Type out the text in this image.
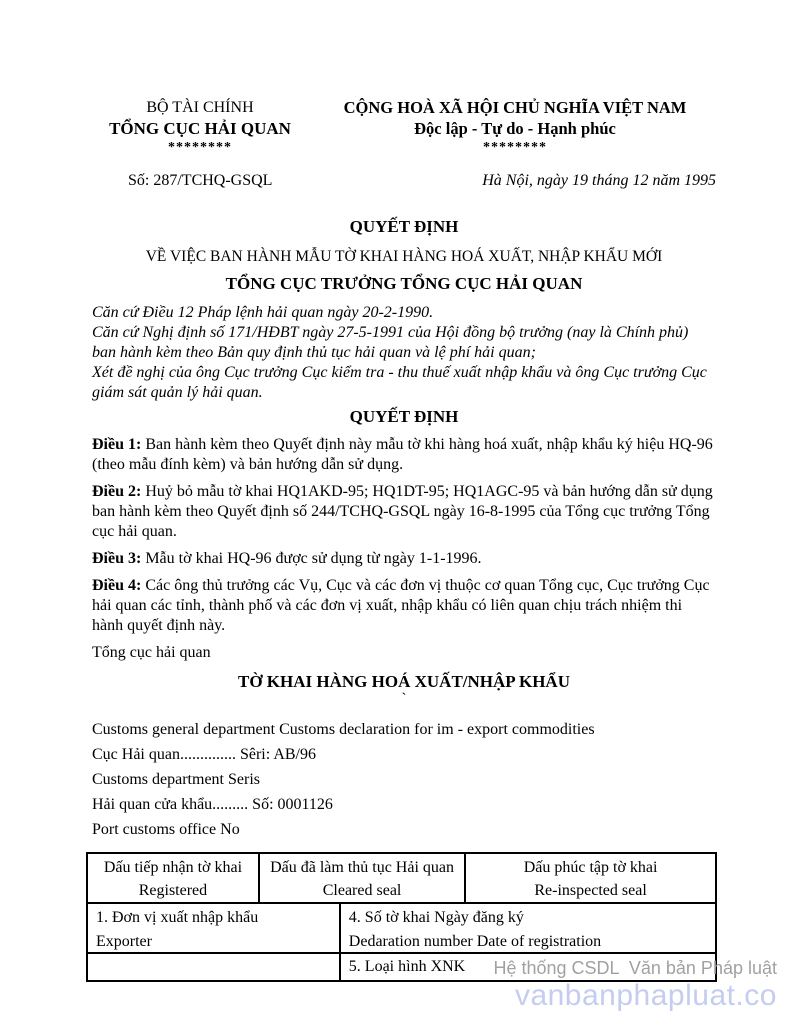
BỘ TÀI CHÍNH
TỔNG CỤC HẢI QUAN
********
CỘNG HOÀ XÃ HỘI CHỦ NGHĨA VIỆT NAM
Độc lập - Tự do - Hạnh phúc
********
Số: 287/TCHQ-GSQL	Hà Nội, ngày 19 tháng 12 năm 1995
QUYẾT ĐỊNH
VỀ VIỆC BAN HÀNH MẪU TỜ KHAI HÀNG HOÁ XUẤT, NHẬP KHẨU MỚI
TỔNG CỤC TRƯỞNG TỔNG CỤC HẢI QUAN

Căn cứ Điều 12 Pháp lệnh hải quan ngày 20-2-1990.

Căn cứ Nghị định số 171/HĐBT ngày 27-5-1991 của Hội đồng bộ trưởng (nay là Chính phủ) ban hành kèm theo Bản quy định thủ tục hải quan và lệ phí hải quan;

Xét đề nghị của ông Cục trưởng Cục kiểm tra - thu thuế xuất nhập khẩu và ông Cục trưởng Cục giám sát quản lý hải quan.

QUYẾT ĐỊNH

Điều 1: Ban hành kèm theo Quyết định này mẫu tờ khi hàng hoá xuất, nhập khẩu ký hiệu HQ-96 (theo mẫu đính kèm) và bản hướng dẫn sử dụng.

Điều 2: Huỷ bỏ mẫu tờ khai HQ1AKD-95; HQ1DT-95; HQ1AGC-95 và bản hướng dẫn sử dụng ban hành kèm theo Quyết định số 244/TCHQ-GSQL ngày 16-8-1995 của Tổng cục trưởng Tổng cục hải quan.

Điều 3: Mẫu tờ khai HQ-96 được sử dụng từ ngày 1-1-1996.

Điều 4: Các ông thủ trưởng các Vụ, Cục và các đơn vị thuộc cơ quan Tổng cục, Cục trưởng Cục hải quan các tỉnh, thành phố và các đơn vị xuất, nhập khẩu có liên quan chịu trách nhiệm thi hành quyết định này.

Tổng cục hải quan

TỜ KHAI HÀNG HOÁ XUẤT/NHẬP KHẨU
`
Customs general department Customs declaration for im - export commodities
Cục Hải quan.............. Sêri: AB/96
Customs department Seris
Hải quan cửa khẩu......... Số: 0001126
Port customs office No
Dấu tiếp nhận tờ khai
Registered
Dấu đã làm thủ tục Hải quan
Cleared seal
Dấu phúc tập tờ khai
Re-inspected seal
1. Đơn vị xuất nhập khẩu
Exporter
4. Số tờ khai Ngày đăng ký
Dedaration number Date of registration
5. Loại hình XNK	Hệ thống CSDL  Văn bản Pháp luật
vanbanphapluat.co
